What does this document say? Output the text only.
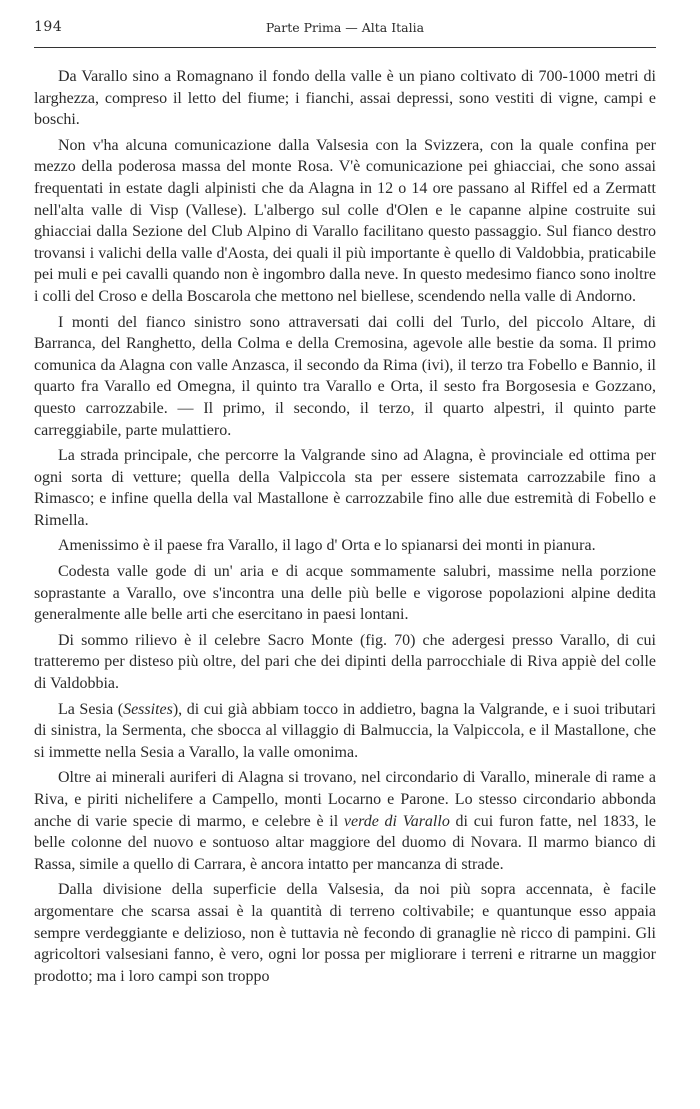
194	Parte Prima — Alta Italia

Da Varallo sino a Romagnano il fondo della valle è un piano coltivato di 700-1000 metri di larghezza, compreso il letto del fiume; i fianchi, assai depressi, sono vestiti di vigne, campi e boschi.

Non v'ha alcuna comunicazione dalla Valsesia con la Svizzera, con la quale confina per mezzo della poderosa massa del monte Rosa. V'è comunicazione pei ghiacciai, che sono assai frequentati in estate dagli alpinisti che da Alagna in 12 o 14 ore passano al Riffel ed a Zermatt nell'alta valle di Visp (Vallese). L'albergo sul colle d'Olen e le capanne alpine costruite sui ghiacciai dalla Sezione del Club Alpino di Varallo facilitano questo passaggio. Sul fianco destro trovansi i valichi della valle d'Aosta, dei quali il più importante è quello di Valdobbia, praticabile pei muli e pei cavalli quando non è ingombro dalla neve. In questo medesimo fianco sono inoltre i colli del Croso e della Boscarola che mettono nel biellese, scendendo nella valle di Andorno.

I monti del fianco sinistro sono attraversati dai colli del Turlo, del piccolo Altare, di Barranca, del Ranghetto, della Colma e della Cremosina, agevole alle bestie da soma. Il primo comunica da Alagna con valle Anzasca, il secondo da Rima (ivi), il terzo tra Fobello e Bannio, il quarto fra Varallo ed Omegna, il quinto tra Varallo e Orta, il sesto fra Borgosesia e Gozzano, questo carrozzabile. — Il primo, il secondo, il terzo, il quarto alpestri, il quinto parte carreggiabile, parte mulattiero.

La strada principale, che percorre la Valgrande sino ad Alagna, è provinciale ed ottima per ogni sorta di vetture; quella della Valpiccola sta per essere sistemata carrozzabile fino a Rimasco; e infine quella della val Mastallone è carrozzabile fino alle due estremità di Fobello e Rimella.

Amenissimo è il paese fra Varallo, il lago d' Orta e lo spianarsi dei monti in pianura.

Codesta valle gode di un' aria e di acque sommamente salubri, massime nella porzione soprastante a Varallo, ove s'incontra una delle più belle e vigorose popolazioni alpine dedita generalmente alle belle arti che esercitano in paesi lontani.

Di sommo rilievo è il celebre Sacro Monte (fig. 70) che adergesi presso Varallo, di cui tratteremo per disteso più oltre, del pari che dei dipinti della parrocchiale di Riva appiè del colle di Valdobbia.

La Sesia (Sessites), di cui già abbiam tocco in addietro, bagna la Valgrande, e i suoi tributari di sinistra, la Sermenta, che sbocca al villaggio di Balmuccia, la Valpiccola, e il Mastallone, che si immette nella Sesia a Varallo, la valle omonima.

Oltre ai minerali auriferi di Alagna si trovano, nel circondario di Varallo, minerale di rame a Riva, e piriti nichelifere a Campello, monti Locarno e Parone. Lo stesso circondario abbonda anche di varie specie di marmo, e celebre è il verde di Varallo di cui furon fatte, nel 1833, le belle colonne del nuovo e sontuoso altar maggiore del duomo di Novara. Il marmo bianco di Rassa, simile a quello di Carrara, è ancora intatto per mancanza di strade.

Dalla divisione della superficie della Valsesia, da noi più sopra accennata, è facile argomentare che scarsa assai è la quantità di terreno coltivabile; e quantunque esso appaia sempre verdeggiante e delizioso, non è tuttavia nè fecondo di granaglie nè ricco di pampini. Gli agricoltori valsesiani fanno, è vero, ogni lor possa per migliorare i terreni e ritrarne un maggior prodotto; ma i loro campi son troppo
